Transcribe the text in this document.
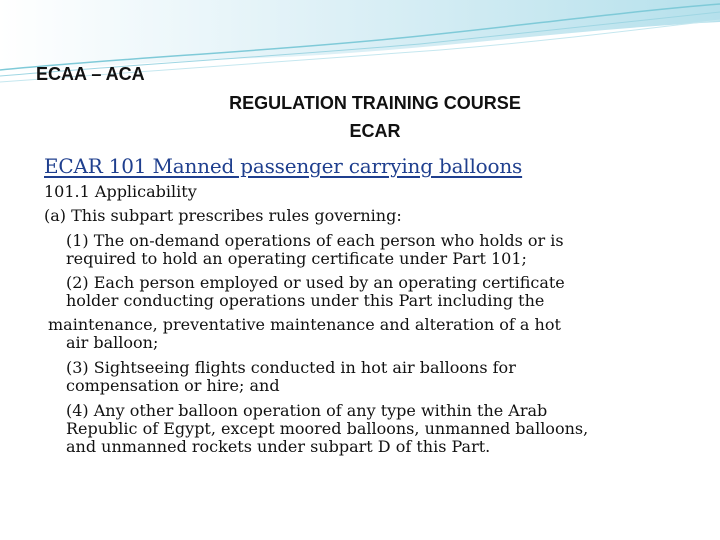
ECAA – ACA
REGULATION TRAINING COURSE
ECAR
ECAR 101 Manned passenger carrying balloons
101.1 Applicability
(a) This subpart prescribes rules governing:
(1) The on-demand operations of each person who holds or is
required to hold an operating certificate under Part 101;
(2) Each person employed or used by an operating certificate
holder conducting operations under this Part including the
maintenance, preventative maintenance and alteration of a hot
air balloon;
(3) Sightseeing flights conducted in hot air balloons for
compensation or hire; and
(4) Any other balloon operation of any type within the Arab
Republic of Egypt, except moored balloons, unmanned balloons,
and unmanned rockets under subpart D of this Part.
